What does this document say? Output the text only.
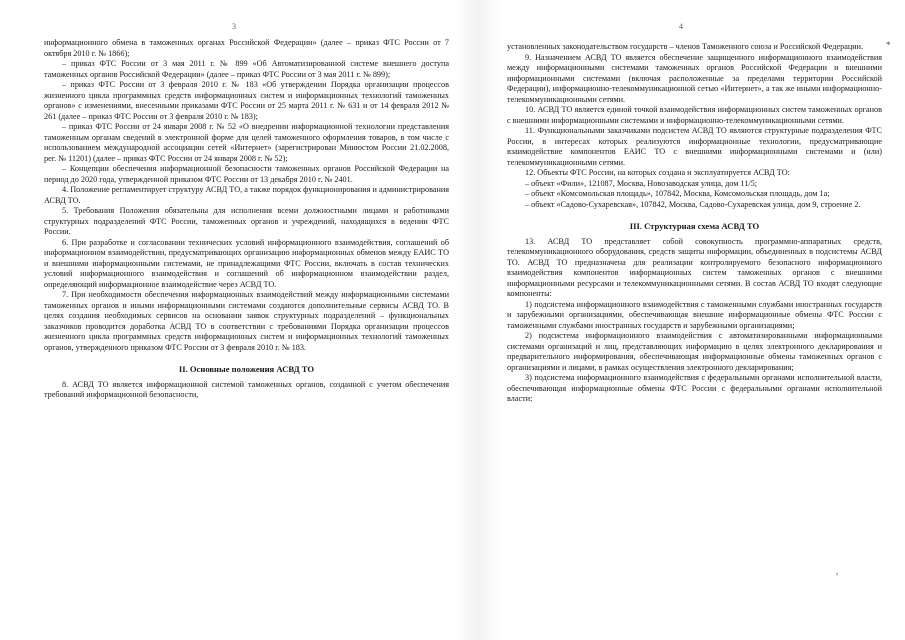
3

информационного обмена в таможенных органах Российской Федерации» (далее – приказ ФТС России от 7 октября 2010 г. № 1866);

– приказ ФТС России от 3 мая 2011 г. № 899 «Об Автоматизированной системе внешнего доступа таможенных органов Российской Федерации» (далее – приказ ФТС России от 3 мая 2011 г. № 899);

– приказ ФТС России от 3 февраля 2010 г. № 183 «Об утверждении Порядка организации процессов жизненного цикла программных средств информационных систем и информационных технологий таможенных органов» с изменениями, внесенными приказами ФТС России от 25 марта 2011 г. № 631 и от 14 февраля 2012 № 261 (далее – приказ ФТС России от 3 февраля 2010 г. № 183);

– приказ ФТС России от 24 января 2008 г. № 52 «О внедрении информационной технологии представления таможенным органам сведений в электронной форме для целей таможенного оформления товаров, в том числе с использованием международной ассоциации сетей «Интернет» (зарегистрирован Минюстом России 21.02.2008, рег. № 11201) (далее – приказ ФТС России от 24 января 2008 г. № 52);

– Концепции обеспечения информационной безопасности таможенных органов Российской Федерации на период до 2020 года, утвержденной приказом ФТС России от 13 декабря 2010 г. № 2401.

4. Положение регламентирует структуру АСВД ТО, а также порядок функционирования и администрирования АСВД ТО.

5. Требования Положения обязательны для исполнения всеми должностными лицами и работниками структурных подразделений ФТС России, таможенных органов и учреждений, находящихся в ведении ФТС России.

6. При разработке и согласовании технических условий информационного взаимодействия, соглашений об информационном взаимодействии, предусматривающих организацию информационных обменов между ЕАИС ТО и внешними информационными системами, не принадлежащими ФТС России, включать в состав технических условий информационного взаимодействия и соглашений об информационном взаимодействии раздел, определяющий информационное взаимодействие через АСВД ТО.

7. При необходимости обеспечения информационных взаимодействий между информационными системами таможенных органов и иными информационными системами создаются дополнительные сервисы АСВД ТО. В целях создания необходимых сервисов на основании заявок структурных подразделений – функциональных заказчиков проводится доработка АСВД ТО в соответствии с требованиями Порядка организации процессов жизненного цикла программных средств информационных систем и информационных технологий таможенных органов, утвержденного приказом ФТС России от 3 февраля 2010 г. № 183.

II. Основные положения АСВД ТО

8. АСВД ТО является информационной системой таможенных органов, созданной с учетом обеспечения требований информационной безопасности,

4

установленных законодательством государств – членов Таможенного союза и Российской Федерации.

9. Назначением АСВД ТО является обеспечение защищенного информационного взаимодействия между информационными системами таможенных органов Российской Федерации и внешними информационными системами (включая расположенные за пределами территории Российской Федерации), информационно-телекоммуникационной сетью «Интернет», а так же иными информационно-телекоммуникационными сетями.

10. АСВД ТО является единой точкой взаимодействия информационных систем таможенных органов с внешними информационными системами и информационно-телекоммуникационными сетями.

11. Функциональными заказчиками подсистем АСВД ТО являются структурные подразделения ФТС России, в интересах которых реализуются информационные технологии, предусматривающие взаимодействие компонентов ЕАИС ТО с внешними информационными системами и (или) телекоммуникационными сетями.

12. Объекты ФТС России, на которых создана и эксплуатируется АСВД ТО:

– объект «Фили», 121087, Москва, Новозаводская улица, дом 11/5;

– объект «Комсомольская площадь», 107842, Москва, Комсомольская площадь, дом 1а;

– объект «Садово-Сухаревская», 107842, Москва, Садово-Сухаревская улица, дом 9, строение 2.

III. Структурная схема АСВД ТО

13. АСВД ТО представляет собой совокупность программно-аппаратных средств, телекоммуникационного оборудования, средств защиты информации, объединенных в подсистемы АСВД ТО. АСВД ТО предназначена для реализации контролируемого безопасного информационного взаимодействия компонентов информационных систем таможенных органов с внешними информационными ресурсами и телекоммуникационными сетями. В состав АСВД ТО входят следующие компоненты:

1) подсистема информационного взаимодействия с таможенными службами иностранных государств и зарубежными организациями, обеспечивающая внешние информационные обмены ФТС России с таможенными службами иностранных государств и зарубежными организациями;

2) подсистема информационного взаимодействия с автоматизированными информационными системами организаций и лиц, представляющих информацию в целях электронного декларирования и предварительного информирования, обеспечивающая информационные обмены таможенных органов с организациями и лицами, в рамках осуществления электронного декларирования;

3) подсистема информационного взаимодействия с федеральными органами исполнительной власти, обеспечивающая информационные обмены ФТС России с федеральными органами исполнительной власти;

*
,
